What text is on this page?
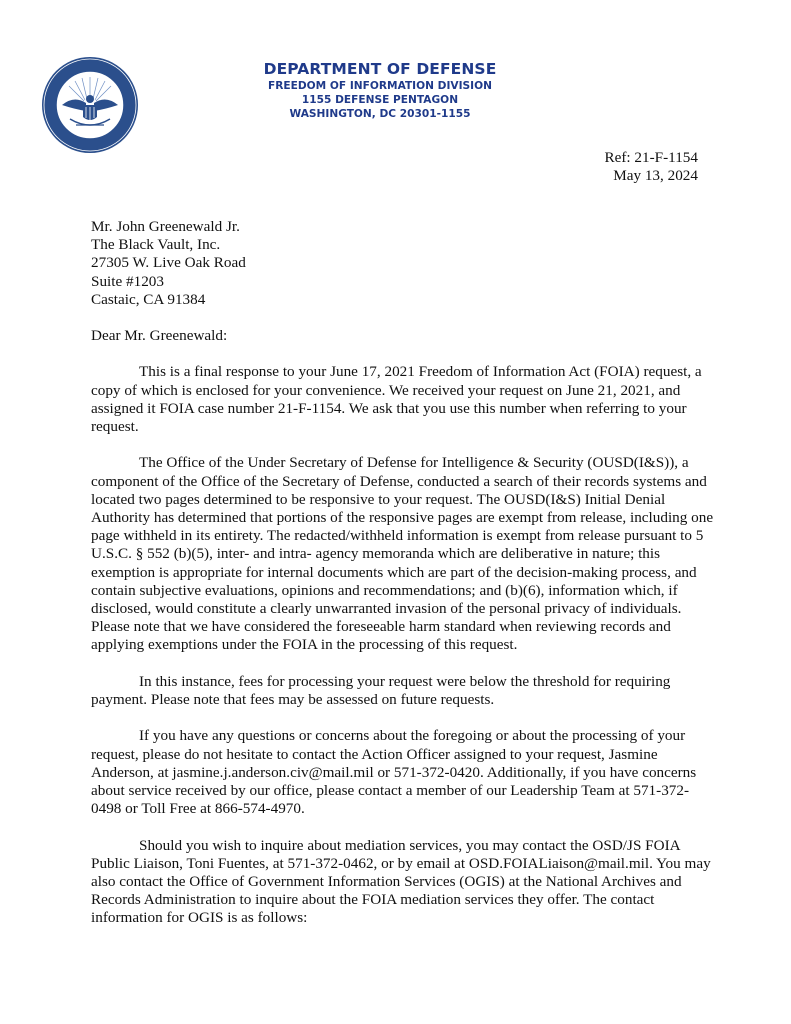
DEPARTMENT OF DEFENSE
FREEDOM OF INFORMATION DIVISION
1155 DEFENSE PENTAGON
WASHINGTON, DC 20301-1155
Ref: 21-F-1154
May 13, 2024
Mr. John Greenewald Jr.
The Black Vault, Inc.
27305 W. Live Oak Road
Suite #1203
Castaic, CA 91384
Dear Mr. Greenewald:

This is a final response to your June 17, 2021 Freedom of Information Act (FOIA) request, a copy of which is enclosed for your convenience. We received your request on June 21, 2021, and assigned it FOIA case number 21-F-1154. We ask that you use this number when referring to your request.

The Office of the Under Secretary of Defense for Intelligence & Security (OUSD(I&S)), a component of the Office of the Secretary of Defense, conducted a search of their records systems and located two pages determined to be responsive to your request. The OUSD(I&S) Initial Denial Authority has determined that portions of the responsive pages are exempt from release, including one page withheld in its entirety. The redacted/withheld information is exempt from release pursuant to 5 U.S.C. § 552 (b)(5), inter- and intra- agency memoranda which are deliberative in nature; this exemption is appropriate for internal documents which are part of the decision-making process, and contain subjective evaluations, opinions and recommendations; and (b)(6), information which, if disclosed, would constitute a clearly unwarranted invasion of the personal privacy of individuals. Please note that we have considered the foreseeable harm standard when reviewing records and applying exemptions under the FOIA in the processing of this request.

In this instance, fees for processing your request were below the threshold for requiring payment. Please note that fees may be assessed on future requests.

If you have any questions or concerns about the foregoing or about the processing of your request, please do not hesitate to contact the Action Officer assigned to your request, Jasmine Anderson, at jasmine.j.anderson.civ@mail.mil or 571-372-0420. Additionally, if you have concerns about service received by our office, please contact a member of our Leadership Team at 571-372-0498 or Toll Free at 866-574-4970.

Should you wish to inquire about mediation services, you may contact the OSD/JS FOIA Public Liaison, Toni Fuentes, at 571-372-0462, or by email at OSD.FOIALiaison@mail.mil. You may also contact the Office of Government Information Services (OGIS) at the National Archives and Records Administration to inquire about the FOIA mediation services they offer. The contact information for OGIS is as follows:
